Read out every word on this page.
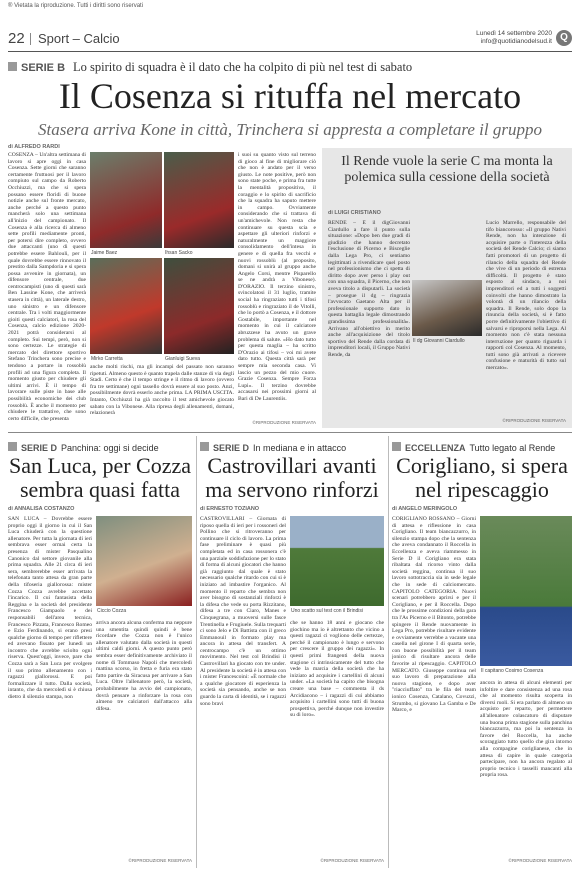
® Vietata la riproduzione. Tutti i diritti sono riservati
22 Sport – Calcio	Lunedì 14 settembre 2020
info@quotidianodelsud.it Q
SERIE B Lo spirito di squadra è il dato che ha colpito di più nel test di sabato
Il Cosenza si rituffa nel mercato
Stasera arriva Kone in città, Trinchera si appresta a completare il gruppo
di ALFREDO RARDI

COSENZA – Un'altra settimana di lavoro si apre oggi in casa Cosenza. Sette giorni che saranno certamente fruttuosi per il lavoro compiuto sul campo da Roberto Occhiuzzi, ma che si spera possano essere floridi di buone notizie anche sul fronte mercato, anche perché a questo punto mancherà solo una settimana all'inizio del campionato. Il Cosenza è alla ricerca di almeno sette profili mediamente pronti, per potersi dire completo, ovvero due attaccanti (uno di questi potrebbe essere Bahlouli, per il quale dovrebbe essere rinnovato il prestito dalla Sampdoria e si spera possa avvenire in giornata), un difensore centrale, due centrocampisti (uno di questi sarà Ben Lassine Kone, che arriverà stasera in città), un laterale destro, uno sinistro e un difensore centrale. Tra i volti maggiormente gioiti questi calciatori, la rosa del Cosenza, calcio edizione 2020-2021 potrà considerarsi al completo. Sui tempi, però, non si sono certezze. Le strategie di mercato del direttore sportivo Stefano Trinchera sono precise e tendono a portare in rossoblù profili ad una figura completa. Il momento giusto per chiudere gli ultimi arrivi. È il tempo di lavorare sulle piste in base alle possibilità economiche dei club rossoblù. È anche il momento per chiudere le trattative, che sono certo difficile, che presenta

Jaime Baez	Ihsan Sacko
Mirko Carretta	Gianluigi Sueva

anche molti rischi, ma gli incampi del passato non saranno ripetuti. Almeno questo è quanto trapela dalle stanze di via degli Stadi. Certo è che il tempo stringe e il ritmo di lavoro (ovvero fra tre settimane) ogni tassello dovrà essere al suo posto. Anzi, possibilmente dovrà esserlo anche prima. LA PRIMA USCITA. Intanto, Occhiuzzi ha già raccolto il test amichevole giocato sabato con la Vibonese. Alla ripresa degli allenamenti, domani, relazionerà

i suoi su quanto visto sul terreno di gioco al fine di migliorare ciò che non è andato per il verso giusto. Le note positive, però non sono state poche, e prima fra tutte la mentalità propositiva, il coraggio e lo spirito di sacrificio che la squadra ha saputo mettere in campo. Ovviamente considerando che si trattava di un'amichevole. Non resta che continuare su questa scia e aspettare gli ulteriori rinforzi e naturalmente un maggiore consolidamento dell'intesa in genere e di quella fra vecchi e nuovi rossoblù (al proposito, domani si unirà al gruppo anche Angelo Corsi, mentre Pisparello se ne andrà a Vibonese). D'ORAZIO. Il terzino sinistro, svincolatosi il 31 luglio, tramite social ha ringraziato tutti i tifosi rossoblù e ringraziato il de Vitolli, che lo portò a Cosenza, e il dottore Gostabile, importante nel momento in cui il calciatore abruzzese ha avuto un grave problema di salute. «Ho dato tutto per questa maglia – ha scritto D'Orazio ai tifosi – voi mi avete dato tutto. Questa città sarà per sempre mia seconda casa. Vi lascio un pezzo del mio cuore. Grazie Cosenza. Sempre Forza Lupi». Il terzino dovrebbe accasarsi nei prossimi giorni al Bari di De Laurentiis.

©RIPRODUZIONE RISERVATA
Il Rende vuole la serie C ma monta la polemica sulla cessione della società
di LUIGI CRISTIANO

RENDE – È il digGiovanni Ciardullo a fare il punto sulla situazione: «Dopo ben due gradi di giudizio che hanno decretato l'esclusione di Picerno e Bisceglie dalla Lega Pro, ci sentiamo legittimati a rivendicare quel posto nel professionismo che ci spetta di diritto dopo aver perso i play out con una squadra, il Picerno, che non aveva titolo a disputarli. La società – prosegue il dg – ringrazia l'avvocato Gaetano Alta per il professionale supporto dato in questa battaglia legale dimostrando grandissima professionalità». Arrivano all'obiettivo in merito anche all'acquisizione del titolo sportivo del Rende dalla cordata di imprenditori locali, il Gruppo Nativi Rende, da

Il dg Giovanni Ciardullo

Lucio Marrello, responsabile del tifo biancorosso: «Il gruppo Nativi Rende, non ha intenzione di acquisire parte o l'interezza della società del Rende Calcio; ci siamo fatti promotori di un progetto di rilancio della squadra del Rende che vive di un periodo di estrema difficoltà. Il progetto è stato esposto al sindaco, a noi imprenditori ed a tutti i soggetti coinvolti che hanno dimostrato la volontà di un rilancio della squadra. Il Rende, solo dopo la rinuncia della società, si è fatto porre definitivamente l'obiettivo di salvarsi e riproporsi nella Lega. Al momento non c'è stata nessuna interruzione per quanto riguarda i rapporti col Cosenza. Al momento, tutti sono già arrivati a ricevere confusione e maturità di tutto sul mercato».

©RIPRODUZIONE RISERVATA
SERIE D Panchina: oggi si decide
San Luca, per Cozza sembra quasi fatta
di ANNALISA COSTANZO

SAN LUCA – Dovrebbe essere proprio oggi il giorno in cui il San Luca chiuderà con la questione allenatore. Per tutta la giornata di ieri sembrava esser ormai certa la presenza di mister Pasqualino Canonico dal settore giovanile alla prima squadra. Alle 21 circa di ieri sera, sembrerebbe esser arrivata la telefonata tanto attesa da gran parte della tifoseria giallorossa: mister Cozza Cozza avrebbe accettato l'incarico. Il cui fantasista della Reggina e la società del presidente Francesco Giampaolo e dei responsabili dell'area tecnica, Francesco Pizzata, Francesco Romeo e Ezio Ferdinando, si erano presi qualche giorno di tempo per riflettere ed avevano fissato per lunedì un incontro che avrebbe sciolto ogni riserva. Quest'oggi, invece, pare che Cozza sarà a San Luca per svolgere il suo primo allenamento con i ragazzi giallorossi. E poi formalizzare il tutto. Dalla società, intanto, che da mercoledì si è chiusa dietro il silenzio stampa, non

Ciccio Cozza

arriva ancora alcuna conferma ma neppure una smentita quindi quindi è bene ricordare che Cozza non è l'unico allenatore valutato dalla società in questi ultimi caldi giorni. A questo punto però sembra esser definitivamente archiviato il nome di Tommaso Napoli che mercoledì mattina scorso, in fretta e furia era stato fatto partire da Siracusa per arrivare a San Luca. Oltre l'allenatore però, la società, probabilmente ha avvio del campionato, dovrà pensare a rinforzare la rosa con almeno tre calciatori dall'attacco alla difesa.

©RIPRODUZIONE RISERVATA
SERIE D In mediana e in attacco
Castrovillari avanti ma servono rinforzi
di ERNESTO TOZIANO

CASTROVILLARI – Giornata di riposo quella di ieri per i rossoneri del Pollino che si ritroveranno per continuare il ciclo di lavoro. La prima fase preliminare è quasi più completata ed in casa rossonera c'è una parziale soddisfazione per lo stato di forma di alcuni giocatori che hanno già raggiunto dal quale è stato necessario qualche ritardo con cui si è iniziato ad imbastire l'organico. Al momento il reparto che sembra non aver bisogno di sostanziali rinforzi è la difesa che vede su porta Rizzitano, difesa a tre con Ciaro, Manes e Cinquegrana, a muoversi sulle fasce Trentinella e Frugiuele. Sulla trequarti ci sono Jelo e Di Battista con il greco Emmanouil in formato play ma ancora in attesa del transfert. A centrocampo c'è un ottimo movimento. Nel test col Brindisi il Castrovillari ha giocato con tre under. Al presidente la società è in attesa con i mister Francescoini: «È normale che a qualche giocatore di esperienza la società sia pensando, anche se non guardo la carta di identità, se i ragazzi sono bravi

Uno scatto sul test con il Brindisi

che se hanno 18 anni e giocano che giochino ma io è altrettanto che vicino a questi ragazzi ci vogliono delle certezze, perché il campionato è lungo e servono per crescere il gruppo dei ragazzi». In questi primi frangenti della nuova stagione ci intrinsicamente del tutto che vede la marcia della società che ha iniziato ad acquisire i cartellini di alcuni under. «La società ha capito che bisogna creare una base – commenta il ds Arcidiacono – i ragazzi di cui abbiamo acquisito i cartellini sono tutti di buona prospettiva, perché dunque non investire su di loro».

©RIPRODUZIONE RISERVATA
ECCELLENZA Tutto legato al Rende
Corigliano, si spera nel ripescaggio
di ANGELO MERINGOLO

CORIGLIANO ROSSANO – Giorni di attesa e riflessione in casa Corigliano. Il team biancazzurro, in silenzio stampa dopo che la sentenza che aveva condannato il Roccella in Eccellenza e aveva riammesso in Serie D il Corigliano era stata ribaltata dal ricorso vinto dalla società reggina, continua il suo lavoro sottotraccia sia in sede legale che in sede di calciomercato. CAPITOLO CATEGORIA. Nuovi scenari potrebbero aprirsi e per il Corigliano, e per il Roccella. Dopo che le prossime condizioni della gara tra l'As Picerno e il Bitonto, potrebbe spingere il Rende nuovamente in Lega Pro, potrebbe risultare evidente e ovviamente verrebbe a vacante una casella nel girone I di quarta serie, con buone possibilità per il team jonico di risultare ancora delle favorite al ripescaggio. CAPITOLO MERCATO. Giuseppe continua nel suo lavoro di preparazione alla nuova stagione, e dopo aver "riacciuffato" tra le fila del team ionico Cosenza, Catalano, Covuzzi, Strumbo, si giovano La Gamba e De Marco, e

Il capitano Cosimo Cosenza

ancora in attesa di alcuni elementi per infoltire e dare consistenza ad una rosa che al momento risulta scoperta in diversi ruoli. Si era parlato di almeno un acquisto per reparto, per permettere all'allenatore colascaturo di disputare una buona prima stagione sulla panchina biancazzurra, ma poi la sentenza in favore del Roccella, ha anche scoraggiato tutto quello che gira intorno alla compagine coriglianese, che in attesa di capire in quale categoria partecipare, non ha ancora regalato al proprio tecnico i tasselli mancanti alla propria rosa.

©RIPRODUZIONE RISERVATA
